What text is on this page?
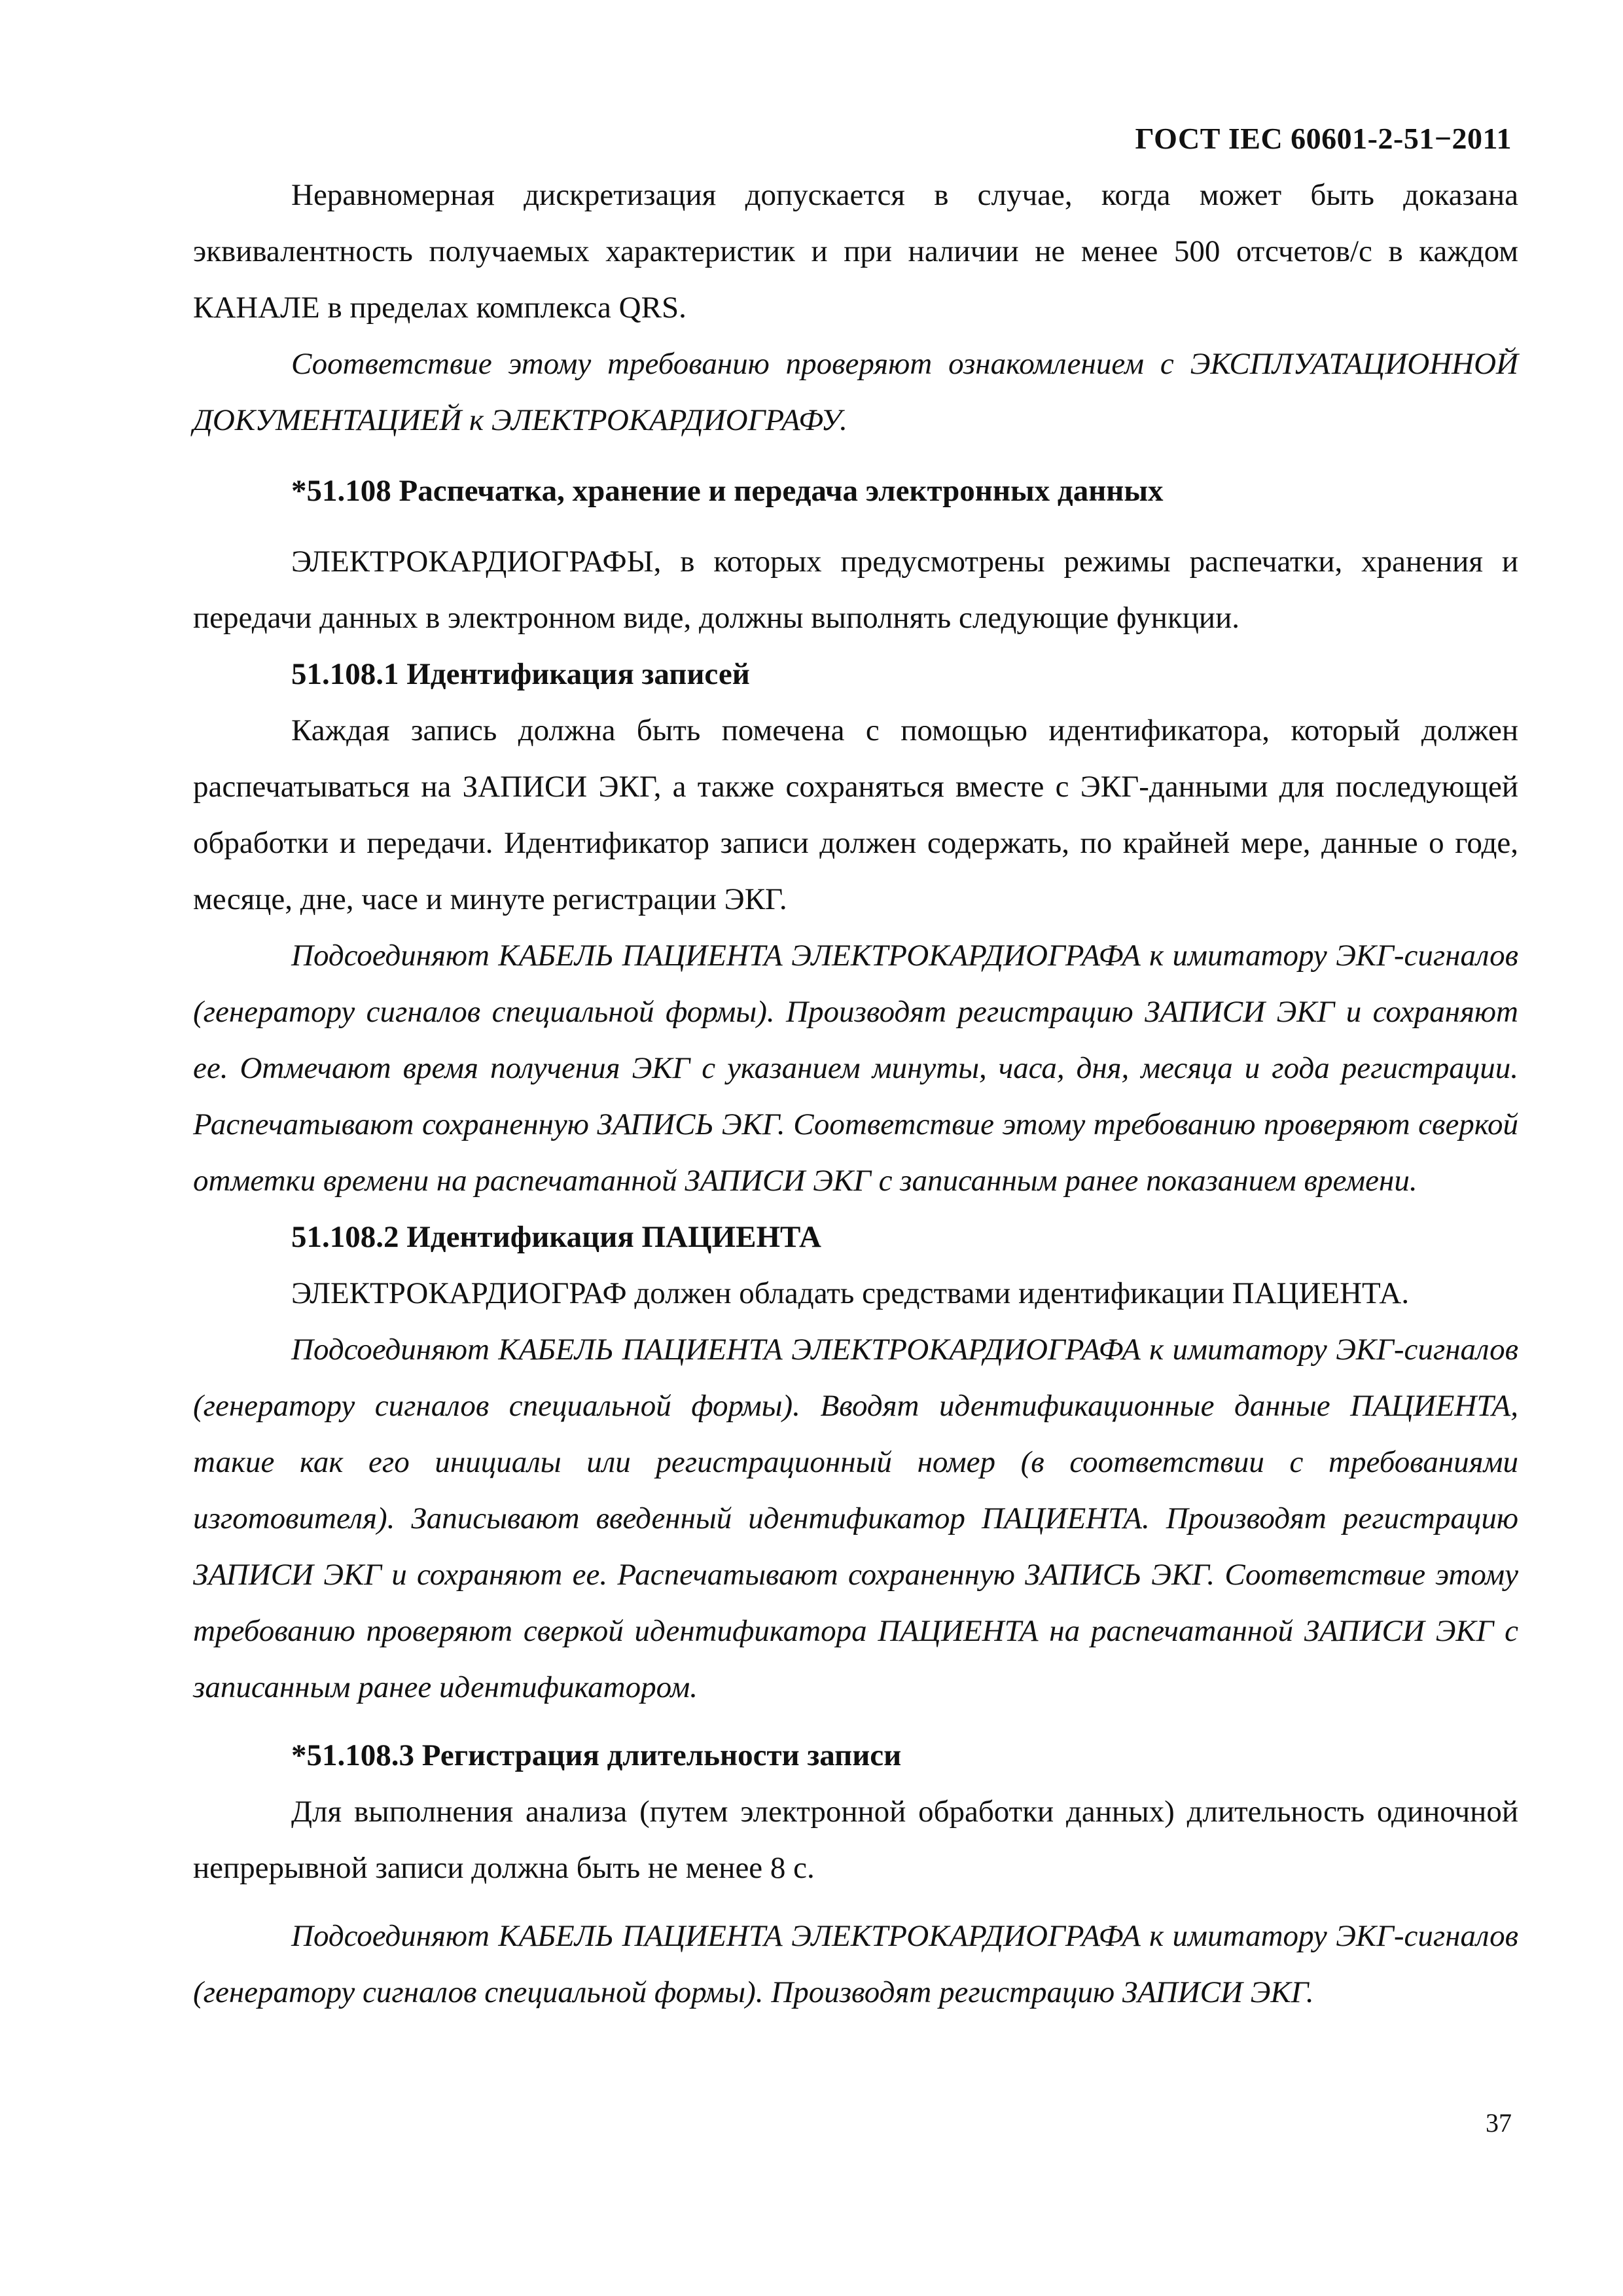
ГОСТ IEC 60601-2-51−2011

Неравномерная дискретизация допускается в случае, когда может быть доказана эквивалентность получаемых характеристик и при наличии не менее 500 отсчетов/с в каждом КАНАЛЕ в пределах комплекса QRS.

Соответствие этому требованию проверяют ознакомлением с ЭКСПЛУАТАЦИОННОЙ ДОКУМЕНТАЦИЕЙ к ЭЛЕКТРОКАРДИОГРАФУ.

*51.108 Распечатка, хранение и передача электронных данных

ЭЛЕКТРОКАРДИОГРАФЫ, в которых предусмотрены режимы распечатки, хранения и передачи данных в электронном виде, должны выполнять следующие функции.

51.108.1 Идентификация записей

Каждая запись должна быть помечена с помощью идентификатора, который должен распечатываться на ЗАПИСИ ЭКГ, а также сохраняться вместе с ЭКГ-данными для последующей обработки и передачи. Идентификатор записи должен содержать, по крайней мере, данные о годе, месяце, дне, часе и минуте регистрации ЭКГ.

Подсоединяют КАБЕЛЬ ПАЦИЕНТА ЭЛЕКТРОКАРДИОГРАФА к имитатору ЭКГ-сигналов (генератору сигналов специальной формы). Производят регистрацию ЗАПИСИ ЭКГ и сохраняют ее. Отмечают время получения ЭКГ с указанием минуты, часа, дня, месяца и года регистрации. Распечатывают сохраненную ЗАПИСЬ ЭКГ. Соответствие этому требованию проверяют сверкой отметки времени на распечатанной ЗАПИСИ ЭКГ с записанным ранее показанием времени.

51.108.2 Идентификация ПАЦИЕНТА

ЭЛЕКТРОКАРДИОГРАФ должен обладать средствами идентификации ПАЦИЕНТА.

Подсоединяют КАБЕЛЬ ПАЦИЕНТА ЭЛЕКТРОКАРДИОГРАФА к имитатору ЭКГ-сигналов (генератору сигналов специальной формы). Вводят идентификационные данные ПАЦИЕНТА, такие как его инициалы или регистрационный номер (в соответствии с требованиями изготовителя). Записывают введенный идентификатор ПАЦИЕНТА. Производят регистрацию ЗАПИСИ ЭКГ и сохраняют ее. Распечатывают сохраненную ЗАПИСЬ ЭКГ. Соответствие этому требованию проверяют сверкой идентификатора ПАЦИЕНТА на распечатанной ЗАПИСИ ЭКГ с записанным ранее идентификатором.

*51.108.3 Регистрация длительности записи

Для выполнения анализа (путем электронной обработки данных) длительность одиночной непрерывной записи должна быть не менее 8 с.

Подсоединяют КАБЕЛЬ ПАЦИЕНТА ЭЛЕКТРОКАРДИОГРАФА к имитатору ЭКГ-сигналов (генератору сигналов специальной формы). Производят регистрацию ЗАПИСИ ЭКГ.

37
